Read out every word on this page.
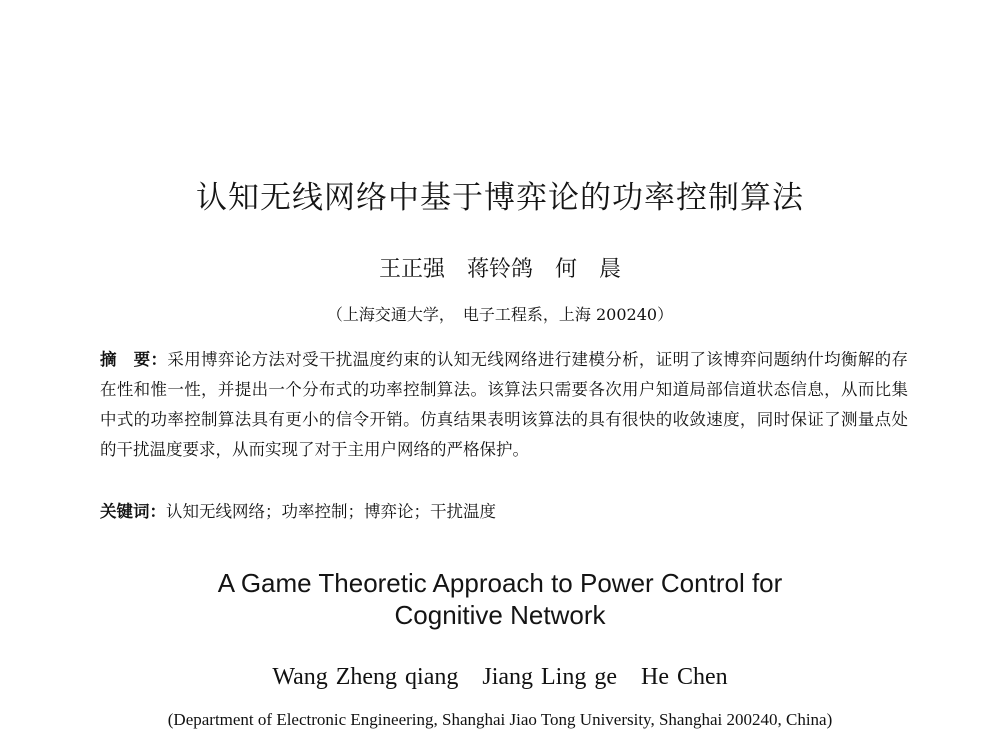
认知无线网络中基于博弈论的功率控制算法
王正强　蒋铃鸽　何　晨
（上海交通大学，　电子工程系，上海 200240）

摘　要：采用博弈论方法对受干扰温度约束的认知无线网络进行建模分析，证明了该博弈问题纳什均衡解的存在性和惟一性，并提出一个分布式的功率控制算法。该算法只需要各次用户知道局部信道状态信息，从而比集中式的功率控制算法具有更小的信令开销。仿真结果表明该算法的具有很快的收敛速度，同时保证了测量点处的干扰温度要求，从而实现了对于主用户网络的严格保护。

关键词：认知无线网络；功率控制；博弈论；干扰温度
A Game Theoretic Approach to Power Control for
Cognitive Network
Wang Zheng qiang Jiang Ling ge He Chen
(Department of Electronic Engineering, Shanghai Jiao Tong University, Shanghai 200240, China)
